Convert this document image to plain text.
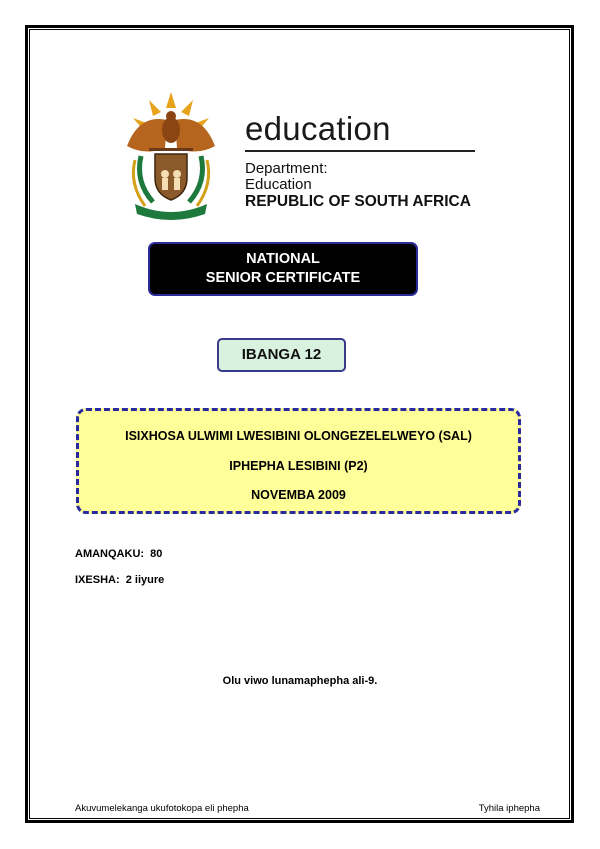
education
Department:
Education
REPUBLIC OF SOUTH AFRICA
NATIONAL
SENIOR CERTIFICATE
IBANGA 12
ISIXHOSA ULWIMI LWESIBINI OLONGEZELELWEYO (SAL)
IPHEPHA LESIBINI (P2)
NOVEMBA 2009
AMANQAKU:  80
IXESHA:  2 iiyure
Olu viwo lunamaphepha ali-9.
Akuvumelekanga ukufotokopa eli phepha	Tyhila iphepha
